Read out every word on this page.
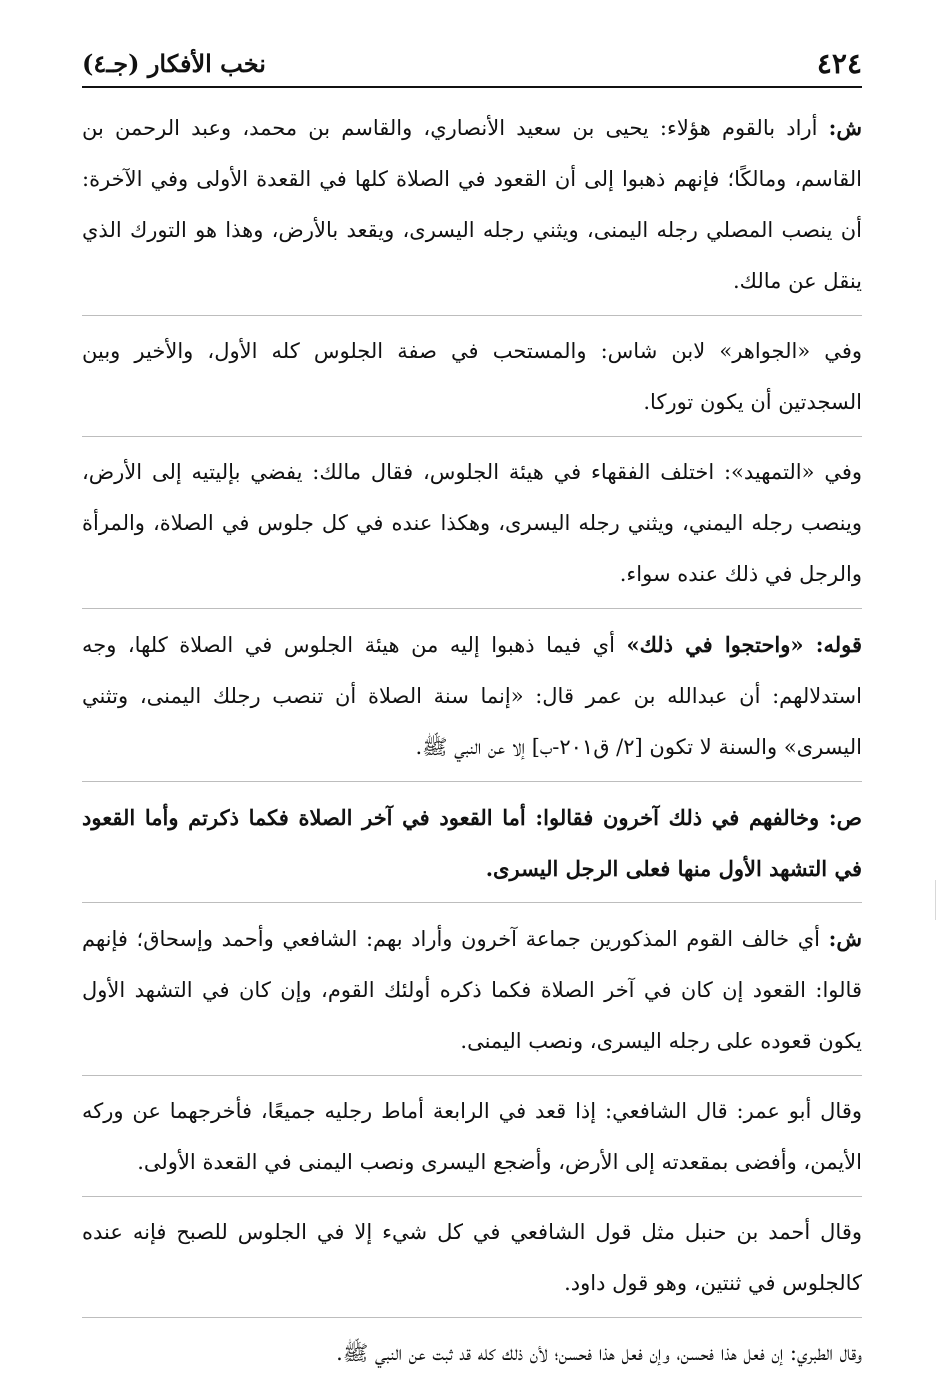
٤٢٤
نخب الأفكار (جـ٤)

ش: أراد بالقوم هؤلاء: يحيى بن سعيد الأنصاري، والقاسم بن محمد، وعبد الرحمن بن القاسم، ومالكًا؛ فإنهم ذهبوا إلى أن القعود في الصلاة كلها في القعدة الأولى وفي الآخرة: أن ينصب المصلي رجله اليمنى، ويثني رجله اليسرى، ويقعد بالأرض، وهذا هو التورك الذي ينقل عن مالك.

وفي «الجواهر» لابن شاس: والمستحب في صفة الجلوس كله الأول، والأخير وبين السجدتين أن يكون توركا.

وفي «التمهيد»: اختلف الفقهاء في هيئة الجلوس، فقال مالك: يفضي بإليتيه إلى الأرض، وينصب رجله اليمني، ويثني رجله اليسرى، وهكذا عنده في كل جلوس في الصلاة، والمرأة والرجل في ذلك عنده سواء.

قوله: «واحتجوا في ذلك» أي فيما ذهبوا إليه من هيئة الجلوس في الصلاة كلها، وجه استدلالهم: أن عبدالله بن عمر قال: «إنما سنة الصلاة أن تنصب رجلك اليمنى، وتثني اليسرى» والسنة لا تكون [٢/ ق٢٠١-ب] إلا عن النبي ﷺ.

ص: وخالفهم في ذلك آخرون فقالوا: أما القعود في آخر الصلاة فكما ذكرتم وأما القعود في التشهد الأول منها فعلى الرجل اليسرى.

ش: أي خالف القوم المذكورين جماعة آخرون وأراد بهم: الشافعي وأحمد وإسحاق؛ فإنهم قالوا: القعود إن كان في آخر الصلاة فكما ذكره أولئك القوم، وإن كان في التشهد الأول يكون قعوده على رجله اليسرى، ونصب اليمنى.

وقال أبو عمر: قال الشافعي: إذا قعد في الرابعة أماط رجليه جميعًا، فأخرجهما عن وركه الأيمن، وأفضى بمقعدته إلى الأرض، وأضجع اليسرى ونصب اليمنى في القعدة الأولى.

وقال أحمد بن حنبل مثل قول الشافعي في كل شيء إلا في الجلوس للصبح فإنه عنده كالجلوس في ثنتين، وهو قول داود.

وقال الطبري: إن فعل هذا فحسن، وإن فعل هذا فحسن؛ لأن ذلك كله قد ثبت عن النبي ﷺ.
